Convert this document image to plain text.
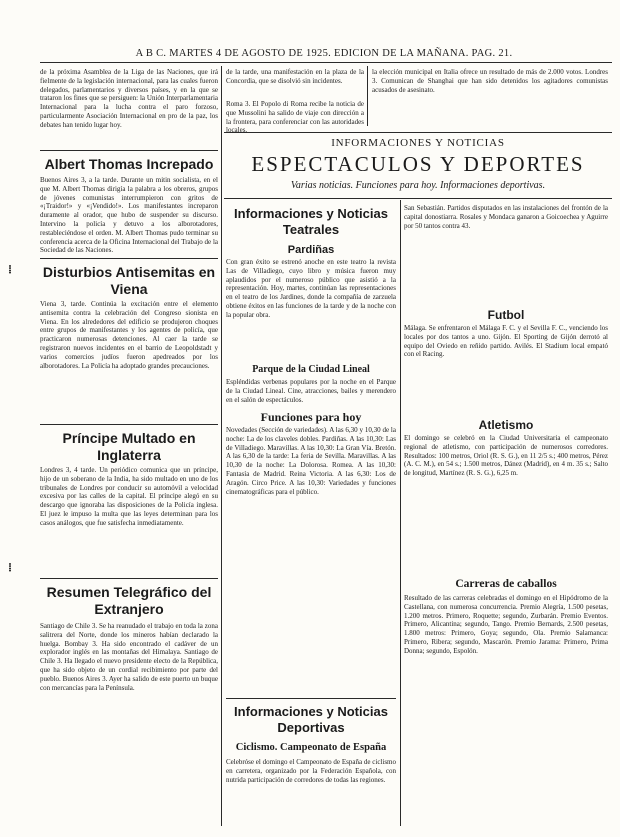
A B C. MARTES 4 DE AGOSTO DE 1925. EDICION DE LA MAÑANA. PAG. 21.
⁞
⁞
de la próxima Asamblea de la Liga de las Naciones, que irá fielmente de la legislación internacional, para las cuales fueron delegados, parlamentarios y diversos países, y en la que se trataron los fines que se persiguen: la Unión Interparlamentaria Internacional para la lucha contra el paro forzoso, particularmente Asociación Internacional en pro de la paz, los debates han tenido lugar hoy.
Albert Thomas Increpado
Buenos Aires 3, a la tarde. Durante un mitin socialista, en el que M. Albert Thomas dirigía la palabra a los obreros, grupos de jóvenes comunistas interrumpieron con gritos de «¡Traidor!» y «¡Vendido!». Los manifestantes increparon duramente al orador, que hubo de suspender su discurso. Intervino la policía y detuvo a los alborotadores, restableciéndose el orden. M. Albert Thomas pudo terminar su conferencia acerca de la Oficina Internacional del Trabajo de la Sociedad de las Naciones.
Disturbios Antisemitas en Viena
Viena 3, tarde. Continúa la excitación entre el elemento antisemita contra la celebración del Congreso sionista en Viena. En los alrededores del edificio se produjeron choques entre grupos de manifestantes y los agentes de policía, que practicaron numerosas detenciones. Al caer la tarde se registraron nuevos incidentes en el barrio de Leopoldstadt y varios comercios judíos fueron apedreados por los alborotadores. La Policía ha adoptado grandes precauciones.
Príncipe Multado en Inglaterra
Londres 3, 4 tarde. Un periódico comunica que un príncipe, hijo de un soberano de la India, ha sido multado en uno de los tribunales de Londres por conducir su automóvil a velocidad excesiva por las calles de la capital. El príncipe alegó en su descargo que ignoraba las disposiciones de la Policía inglesa. El juez le impuso la multa que las leyes determinan para los casos análogos, que fue satisfecha inmediatamente.
Resumen Telegráfico del Extranjero
Santiago de Chile 3. Se ha reanudado el trabajo en toda la zona salitrera del Norte, donde los mineros habían declarado la huelga. Bombay 3. Ha sido encontrado el cadáver de un explorador inglés en las montañas del Himalaya. Santiago de Chile 3. Ha llegado el nuevo presidente electo de la República, que ha sido objeto de un cordial recibimiento por parte del pueblo. Buenos Aires 3. Ayer ha salido de este puerto un buque con mercancías para la Península.
de la tarde, una manifestación en la plaza de la Concordia, que se disolvió sin incidentes.
Roma 3. El Popolo di Roma recibe la noticia de que Mussolini ha salido de viaje con dirección a la frontera, para conferenciar con las autoridades locales.
la elección municipal en Italia ofrece un resultado de más de 2.000 votos. Londres 3. Comunican de Shanghai que han sido detenidos los agitadores comunistas acusados de asesinato.
INFORMACIONES Y NOTICIAS
ESPECTACULOS Y DEPORTES
Varias noticias. Funciones para hoy. Informaciones deportivas.
Informaciones y Noticias Teatrales
Pardiñas
Con gran éxito se estrenó anoche en este teatro la revista Las de Villadiego, cuyo libro y música fueron muy aplaudidos por el numeroso público que asistió a la representación. Hoy, martes, continúan las representaciones en el teatro de los Jardines, donde la compañía de zarzuela obtiene éxitos en las funciones de la tarde y de la noche con la popular obra.
Parque de la Ciudad Lineal
Espléndidas verbenas populares por la noche en el Parque de la Ciudad Lineal. Cine, atracciones, bailes y merendero en el salón de espectáculos.
Funciones para hoy
Novedades (Sección de variedades). A las 6,30 y 10,30 de la noche: La de los claveles dobles. Pardiñas. A las 10,30: Las de Villadiego. Maravillas. A las 10,30: La Gran Vía. Bretón. A las 6,30 de la tarde: La feria de Sevilla. Maravillas. A las 10,30 de la noche: La Dolorosa. Romea. A las 10,30: Fantasía de Madrid. Reina Victoria. A las 6,30: Los de Aragón. Circo Price. A las 10,30: Variedades y funciones cinematográficas para el público.
Informaciones y Noticias Deportivas
Ciclismo. Campeonato de España
Celebróse el domingo el Campeonato de España de ciclismo en carretera, organizado por la Federación Española, con nutrida participación de corredores de todas las regiones.
San Sebastián. Partidos disputados en las instalaciones del frontón de la capital donostiarra. Rosales y Mondaca ganaron a Goicoechea y Aguirre por 50 tantos contra 43.
Futbol
Málaga. Se enfrentaron el Málaga F. C. y el Sevilla F. C., venciendo los locales por dos tantos a uno. Gijón. El Sporting de Gijón derrotó al equipo del Oviedo en reñido partido. Avilés. El Stadium local empató con el Racing.
Atletismo
El domingo se celebró en la Ciudad Universitaria el campeonato regional de atletismo, con participación de numerosos corredores. Resultados: 100 metros, Oriol (R. S. G.), en 11 2/5 s.; 400 metros, Pérez (A. C. M.), en 54 s.; 1.500 metros, Dánez (Madrid), en 4 m. 35 s.; Salto de longitud, Martínez (R. S. G.), 6,25 m.
Carreras de caballos
Resultado de las carreras celebradas el domingo en el Hipódromo de la Castellana, con numerosa concurrencia. Premio Alegría, 1.500 pesetas, 1.200 metros. Primero, Roquette; segundo, Zurbarán. Premio Eventos. Primero, Alicantina; segundo, Tango. Premio Bernards, 2.500 pesetas, 1.800 metros: Primero, Goya; segundo, Ola. Premio Salamanca: Primero, Ribera; segundo, Mascarón. Premio Jarama: Primero, Prima Donna; segundo, Espolón.
